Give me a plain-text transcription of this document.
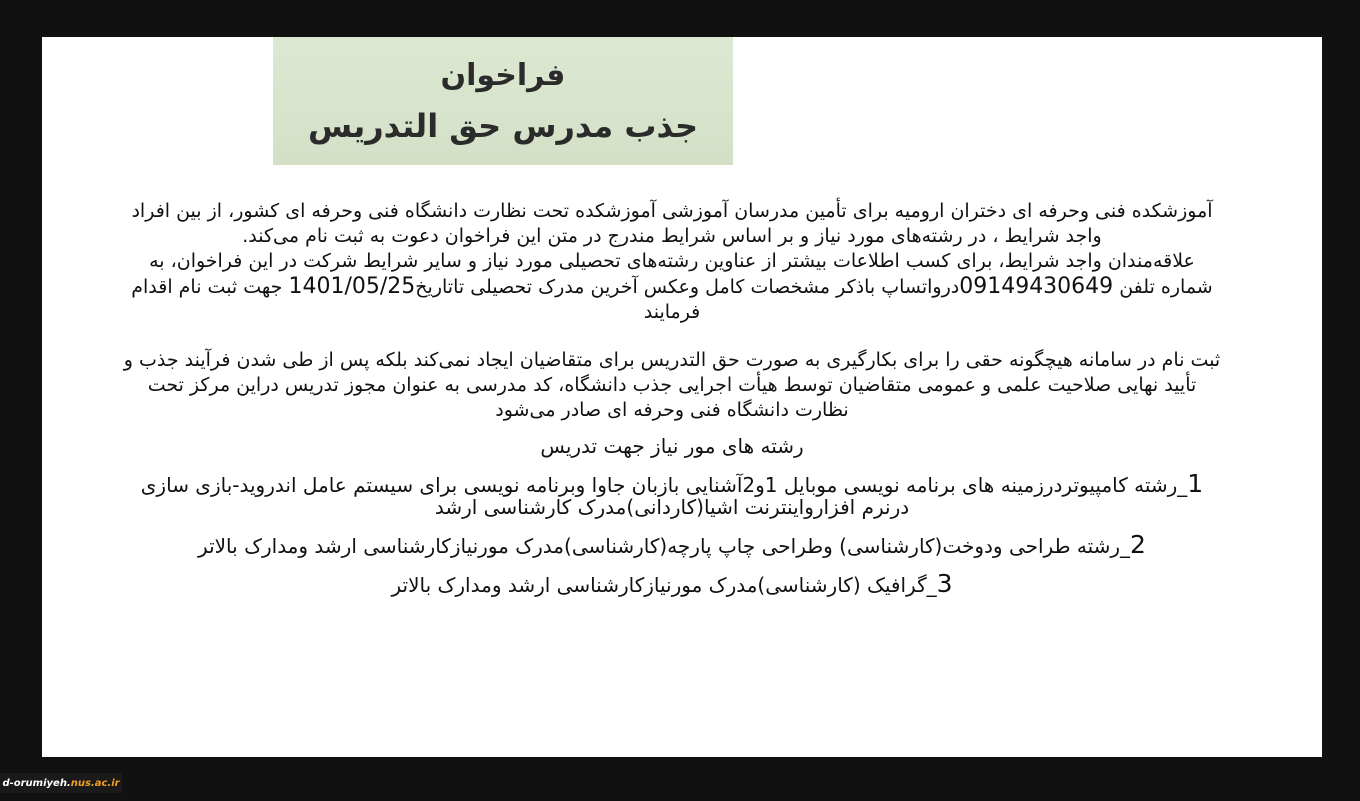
فراخوان
جذب مدرس حق التدریس

آموزشکده فنی وحرفه ای دختران ارومیه برای تأمین مدرسان آموزشی آموزشکده تحت نظارت دانشگاه فنی وحرفه ای کشور، از بین افراد واجد شرایط ، در رشته‌های مورد نیاز و بر اساس شرایط مندرج در متن این فراخوان دعوت به ثبت نام می‌کند.

علاقه‌مندان واجد شرایط، برای کسب اطلاعات بیشتر از عناوین رشته‌های تحصیلی مورد نیاز و سایر شرایط شرکت در این فراخوان، به شماره تلفن 09149430649درواتساپ باذکر مشخصات کامل وعکس آخرین مدرک تحصیلی تاتاریخ1401/05/25 جهت ثبت نام اقدام فرمایند

ثبت نام در سامانه هیچگونه حقی را برای بکارگیری به صورت حق التدریس برای متقاضیان ایجاد نمی‌کند بلکه پس از طی شدن فرآیند جذب و تأیید نهایی صلاحیت علمی و عمومی متقاضیان توسط هیأت اجرایی جذب دانشگاه، کد مدرسی به عنوان مجوز تدریس دراین مرکز تحت نظارت دانشگاه فنی وحرفه ای صادر می‌شود

رشته های مور نیاز جهت تدریس

1_رشته کامپیوتردرزمینه های برنامه نویسی موبایل 1و2آشنایی بازبان جاوا وبرنامه نویسی برای سیستم عامل اندروید-بازی سازی درنرم افزارواینترنت اشیا(کاردانی)مدرک کارشناسی ارشد

2_رشته طراحی ودوخت(کارشناسی) وطراحی چاپ پارچه(کارشناسی)مدرک مورنیازکارشناسی ارشد ومدارک بالاتر

3_گرافیک (کارشناسی)مدرک مورنیازکارشناسی ارشد ومدارک بالاتر

d-orumiyeh. nus.ac.ir
